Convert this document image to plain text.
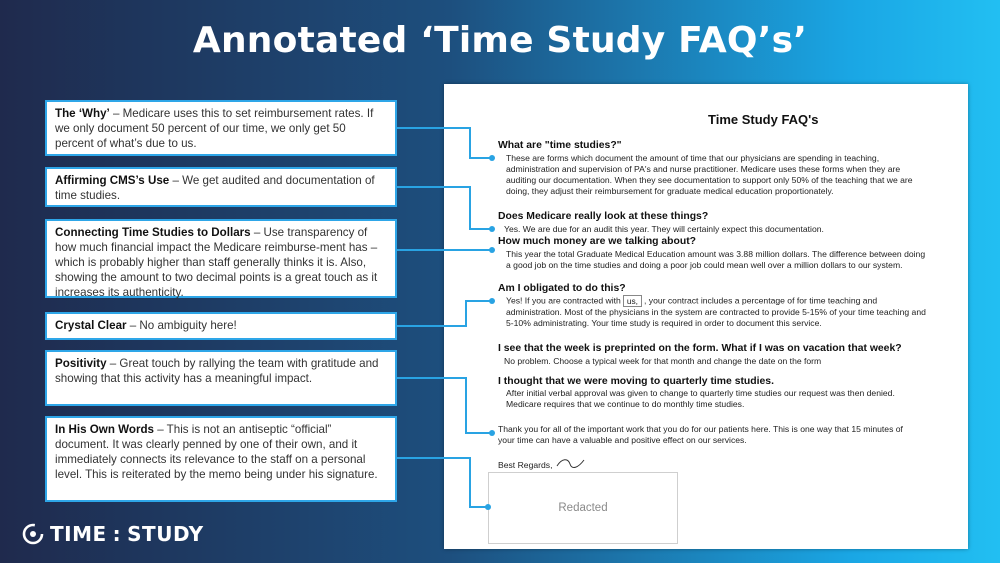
Annotated ‘Time Study FAQ’s’
The ‘Why’ – Medicare uses this to set reimbursement rates. If we only document 50 percent of our time, we only get 50 percent of what’s due to us.
Affirming CMS’s Use – We get audited and documentation of time studies.
Connecting Time Studies to Dollars – Use transparency of how much financial impact the Medicare reimburse-ment has – which is probably higher than staff generally thinks it is. Also, showing the amount to two decimal points is a great touch as it increases its authenticity.
Crystal Clear – No ambiguity here!
Positivity – Great touch by rallying the team with gratitude and showing that this activity has a meaningful impact.
In His Own Words – This is not an antiseptic “official” document. It was clearly penned by one of their own, and it immediately connects its relevance to the staff on a personal level. This is reiterated by the memo being under his signature.
Time Study FAQ's
What are "time studies?"
These are forms which document the amount of time that our physicians are spending in teaching, administration and supervision of PA's and nurse practitioner. Medicare uses these forms when they are auditing our documentation. When they see documentation to support only 50% of the teaching that we are doing, they adjust their reimbursement for graduate medical education proportionately.
Does Medicare really look at these things?
Yes. We are due for an audit this year. They will certainly expect this documentation.
How much money are we talking about?
This year the total Graduate Medical Education amount was 3.88 million dollars. The difference between doing a good job on the time studies and doing a poor job could mean well over a million dollars to our system.
Am I obligated to do this?
Yes! If you are contracted with us, , your contract includes a percentage of for time teaching and administration. Most of the physicians in the system are contracted to provide 5-15% of your time teaching and 5-10% administrating. Your time study is required in order to document this service.
I see that the week is preprinted on the form. What if I was on vacation that week?
No problem. Choose a typical week for that month and change the date on the form
I thought that we were moving to quarterly time studies.
After initial verbal approval was given to change to quarterly time studies our request was then denied. Medicare requires that we continue to do monthly time studies.
Thank you for all of the important work that you do for our patients here. This is one way that 15 minutes of your time can have a valuable and positive effect on our services.
Best Regards,
Redacted
TIME : STUDY
